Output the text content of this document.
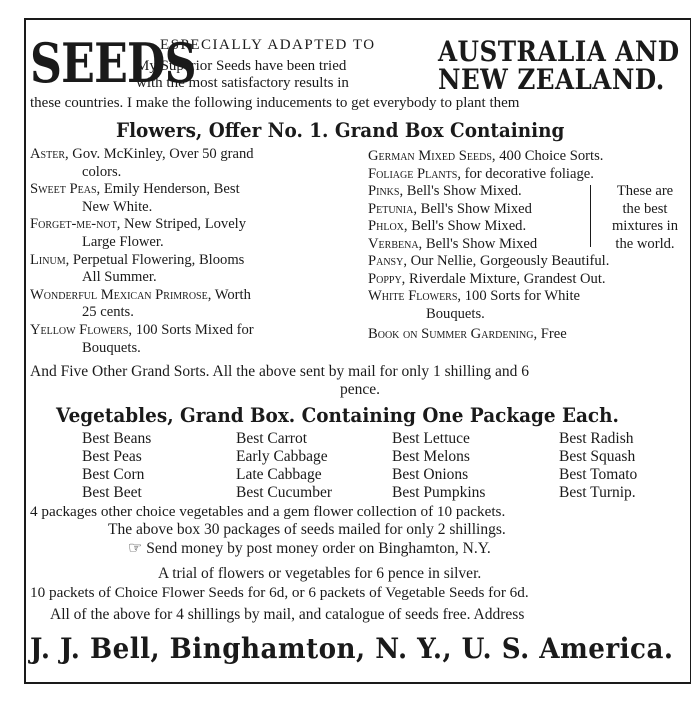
SEEDS
ESPECIALLY ADAPTED TO
My Superior Seeds have been tried
with the most satisfactory results in
AUSTRALIA AND
NEW ZEALAND.
these countries. I make the following inducements to get everybody to plant them
Flowers, Offer No. 1. Grand Box Containing
Aster, Gov. McKinley, Over 50 grand
colors.
Sweet Peas, Emily Henderson, Best
New White.
Forget-me-not, New Striped, Lovely
Large Flower.
Linum, Perpetual Flowering, Blooms
All Summer.
Wonderful Mexican Primrose, Worth
25 cents.
Yellow Flowers, 100 Sorts Mixed for
Bouquets.
German Mixed Seeds, 400 Choice Sorts.
Foliage Plants, for decorative foliage.
Pinks, Bell's Show Mixed.
Petunia, Bell's Show Mixed
Phlox, Bell's Show Mixed.
Verbena, Bell's Show Mixed
These are
the best
mixtures in
the world.
Pansy, Our Nellie, Gorgeously Beautiful.
Poppy, Riverdale Mixture, Grandest Out.
White Flowers, 100 Sorts for White
Bouquets.
Book on Summer Gardening, Free
And Five Other Grand Sorts. All the above sent by mail for only 1 shilling and 6
pence.
Vegetables, Grand Box. Containing One Package Each.
Best Beans
Best Peas
Best Corn
Best Beet
Best Carrot
Early Cabbage
Late Cabbage
Best Cucumber
Best Lettuce
Best Melons
Best Onions
Best Pumpkins
Best Radish
Best Squash
Best Tomato
Best Turnip.
4 packages other choice vegetables and a gem flower collection of 10 packets.
The above box 30 packages of seeds mailed for only 2 shillings.
☞ Send money by post money order on Binghamton, N.Y.
A trial of flowers or vegetables for 6 pence in silver.
10 packets of Choice Flower Seeds for 6d, or 6 packets of Vegetable Seeds for 6d.
All of the above for 4 shillings by mail, and catalogue of seeds free. Address
J. J. Bell, Binghamton, N. Y., U. S. America.
